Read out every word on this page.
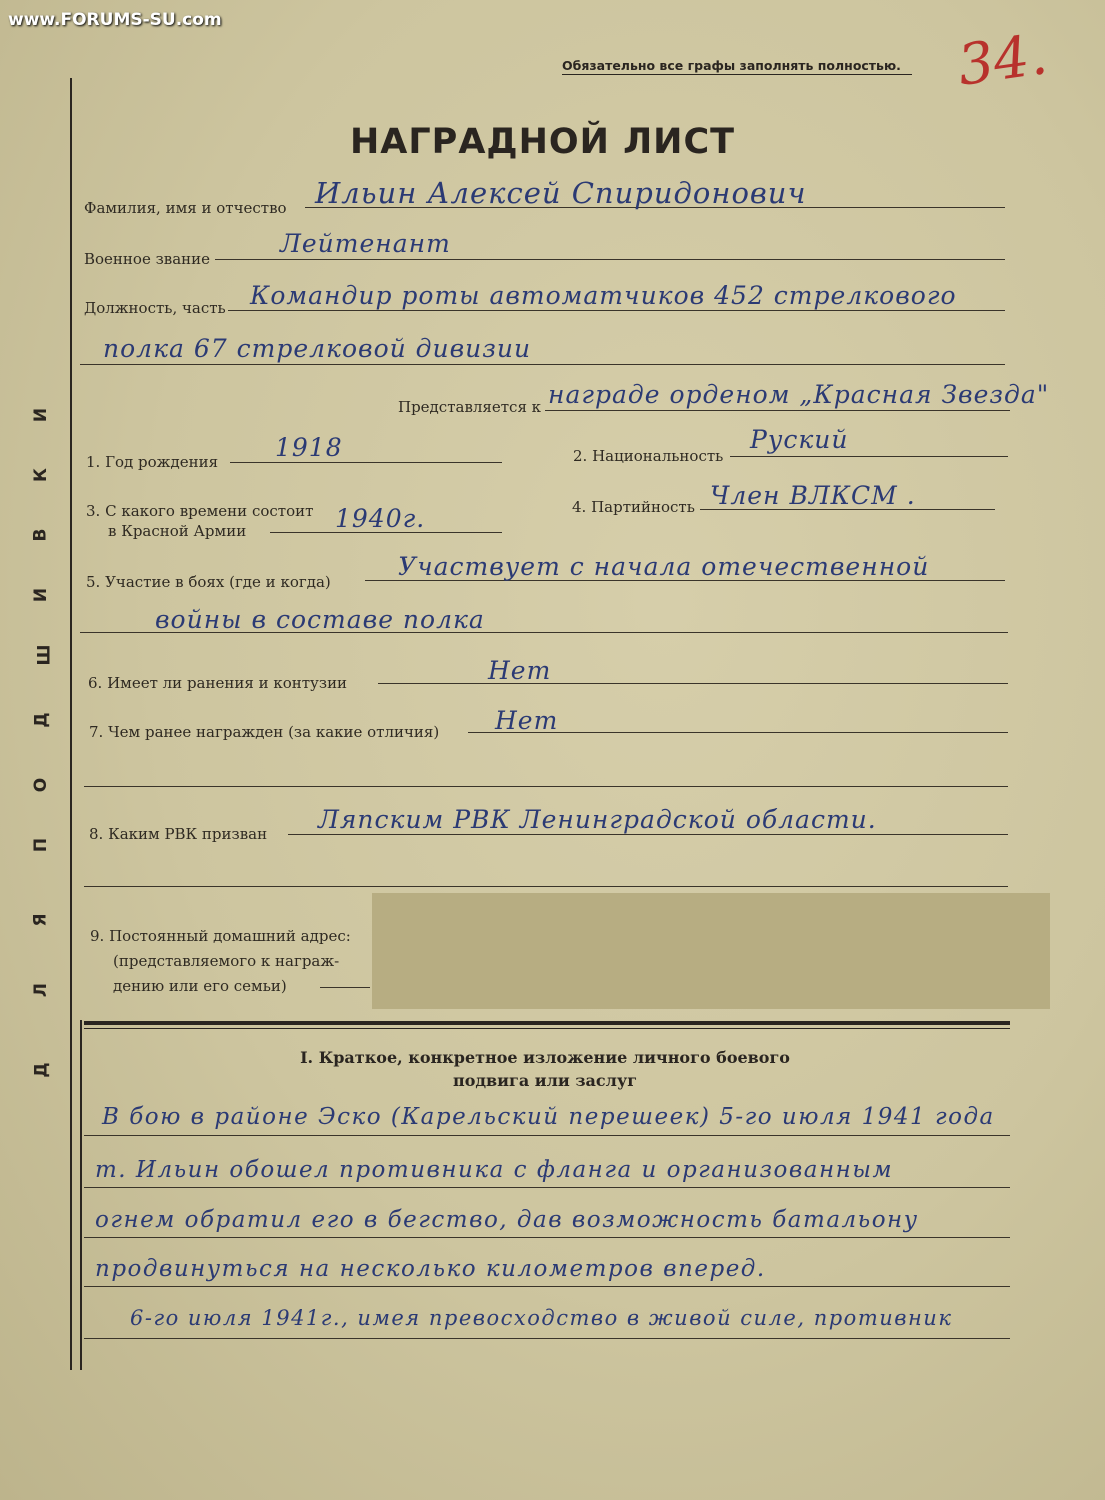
www.FORUMS-SU.com
Обязательно все графы заполнять полностью. 34.
НАГРАДНОЙ ЛИСТ
Д
Л
Я
П
О
Д
Ш
И
В
К
И
Фамилия, имя и отчество Ильин Алексей Спиридонович
Военное звание
Лейтенант
Должность, часть Командир роты автоматчиков 452 стрелкового
полка 67 стрелковой дивизии
Представляется к награде орденом „Красная Звезда"
1. Год рождения 1918	2. Национальность
Руский
3. С какого времени состоит
в Красной Армии	1940г.	4. Партийность Член ВЛКСМ .
5. Участие в боях (где и когда)
Участвует с начала отечественной
войны в составе полка
6. Имеет ли ранения и контузии	Нет
7. Чем ранее награжден (за какие отличия) Нет
8. Каким РВК призван Ляпским РВК Ленинградской области.
9. Постоянный домашний адрес:
(представляемого к награж-
дению или его семьи)
I. Краткое, конкретное изложение личного боевого
подвига или заслуг
В бою в районе Эско (Карельский перешеек) 5-го июля 1941 года
т. Ильин обошел противника с фланга и организованным
огнем обратил его в бегство, дав возможность батальону
продвинуться на несколько километров вперед.
6-го июля 1941г., имея превосходство в живой силе, противник
